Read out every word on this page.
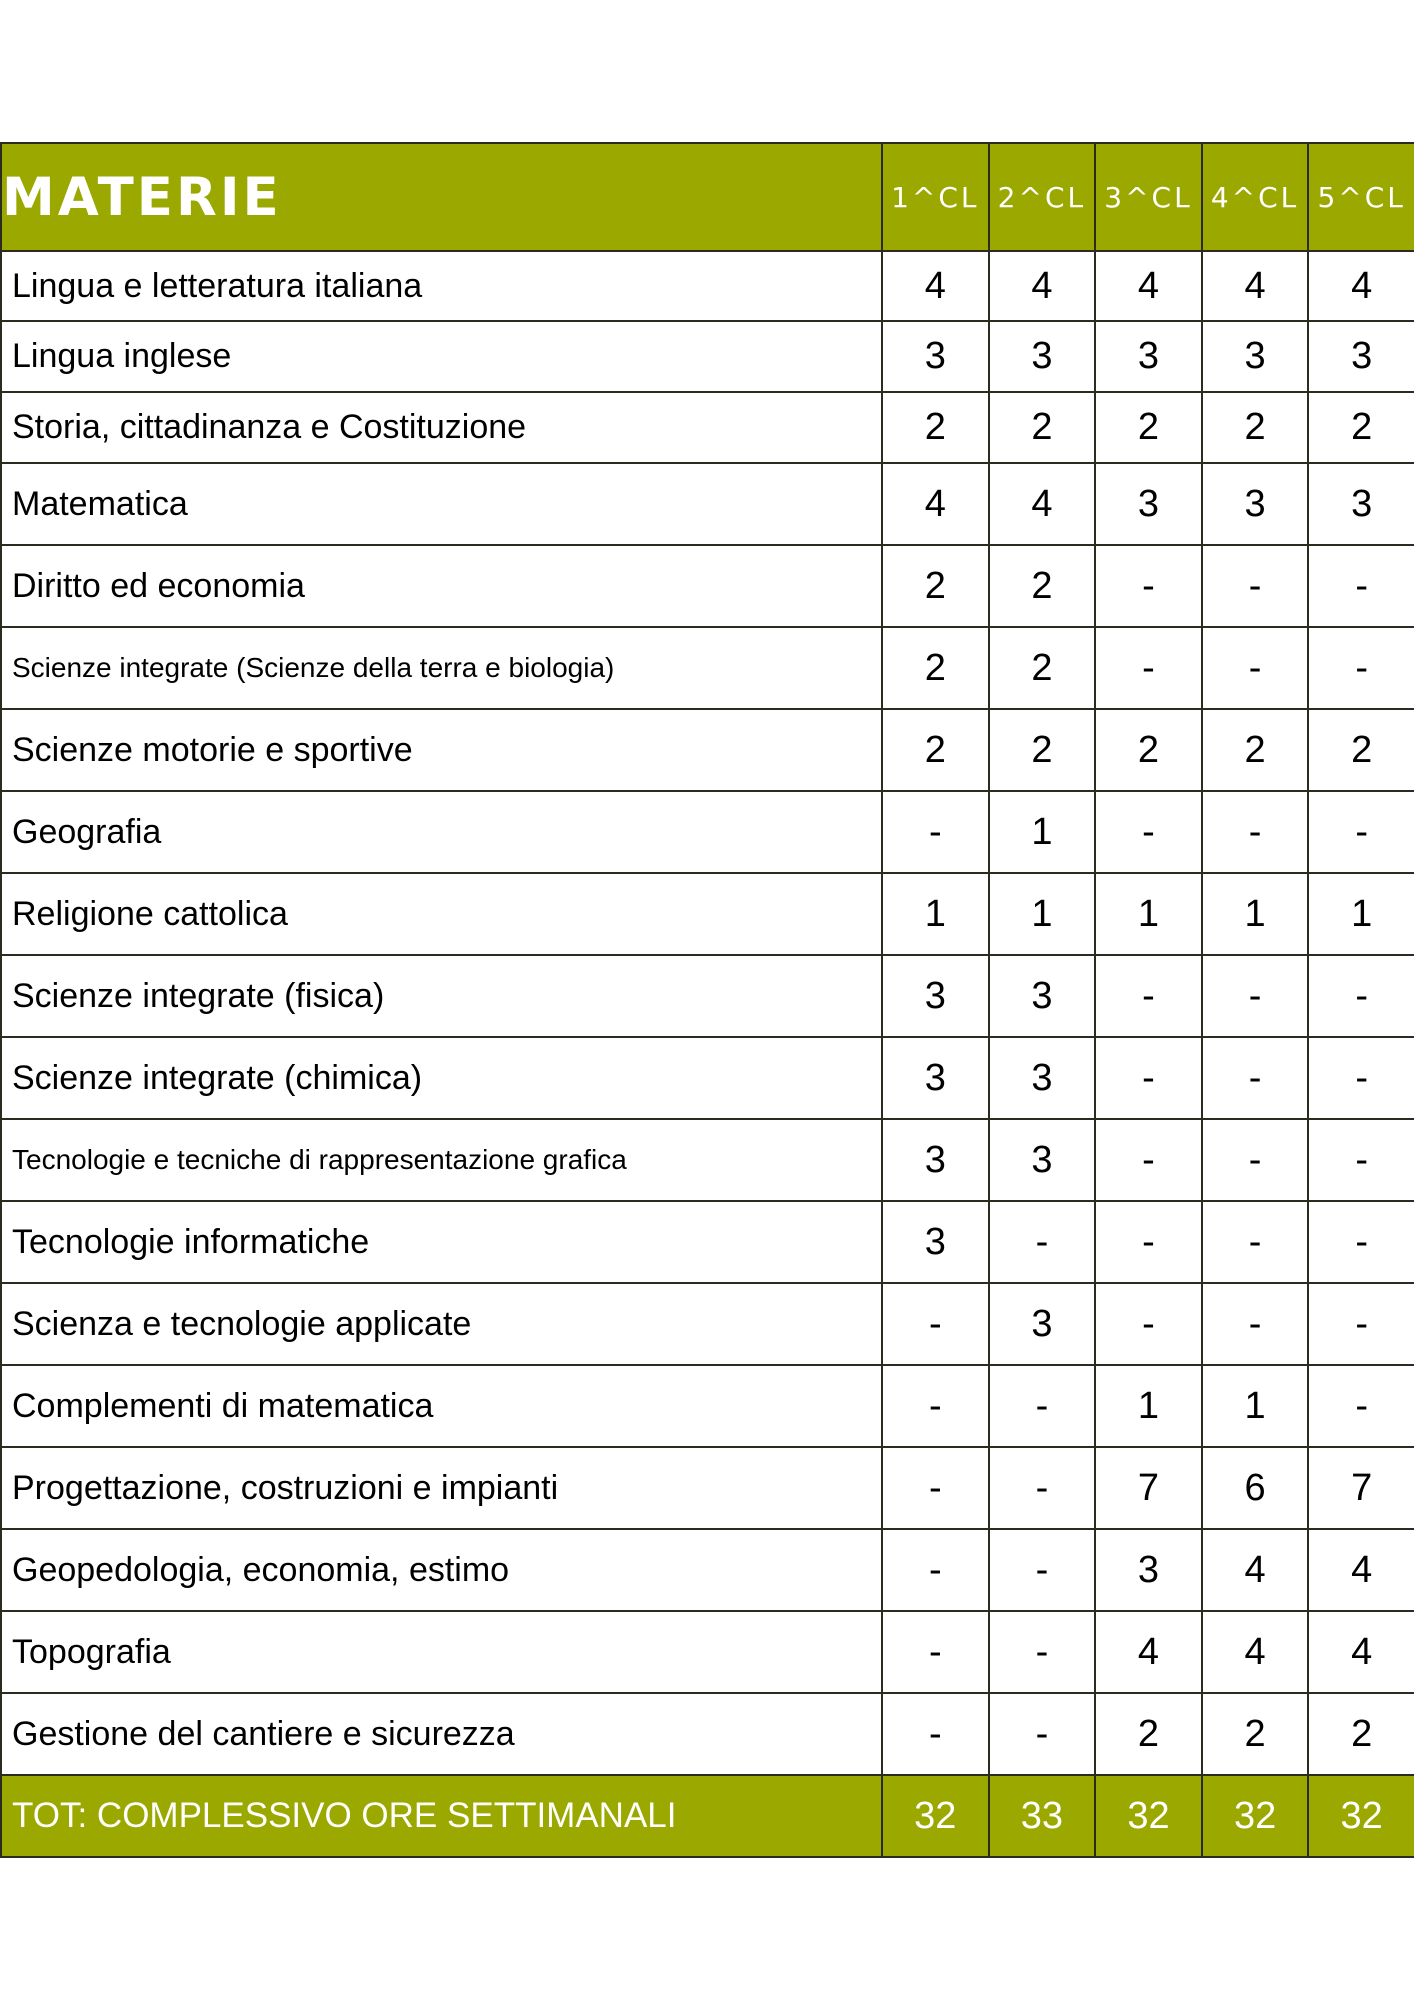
MATERIE	1^CL	2^CL	3^CL	4^CL	5^CL
Lingua e letteratura italiana	4	4	4	4	4
Lingua inglese	3	3	3	3	3
Storia, cittadinanza e Costituzione	2	2	2	2	2
Matematica	4	4	3	3	3
Diritto ed economia	2	2	-	-	-
Scienze integrate (Scienze della terra e biologia)	2	2	-	-	-
Scienze motorie e sportive	2	2	2	2	2
Geografia	-	1	-	-	-
Religione cattolica	1	1	1	1	1
Scienze integrate (fisica)	3	3	-	-	-
Scienze integrate (chimica)	3	3	-	-	-
Tecnologie e tecniche di rappresentazione grafica	3	3	-	-	-
Tecnologie informatiche	3	-	-	-	-
Scienza e tecnologie applicate	-	3	-	-	-
Complementi di matematica	-	-	1	1	-
Progettazione, costruzioni e impianti	-	-	7	6	7
Geopedologia, economia, estimo	-	-	3	4	4
Topografia	-	-	4	4	4
Gestione del cantiere e sicurezza	-	-	2	2	2
TOT: COMPLESSIVO ORE SETTIMANALI	32	33	32	32	32
